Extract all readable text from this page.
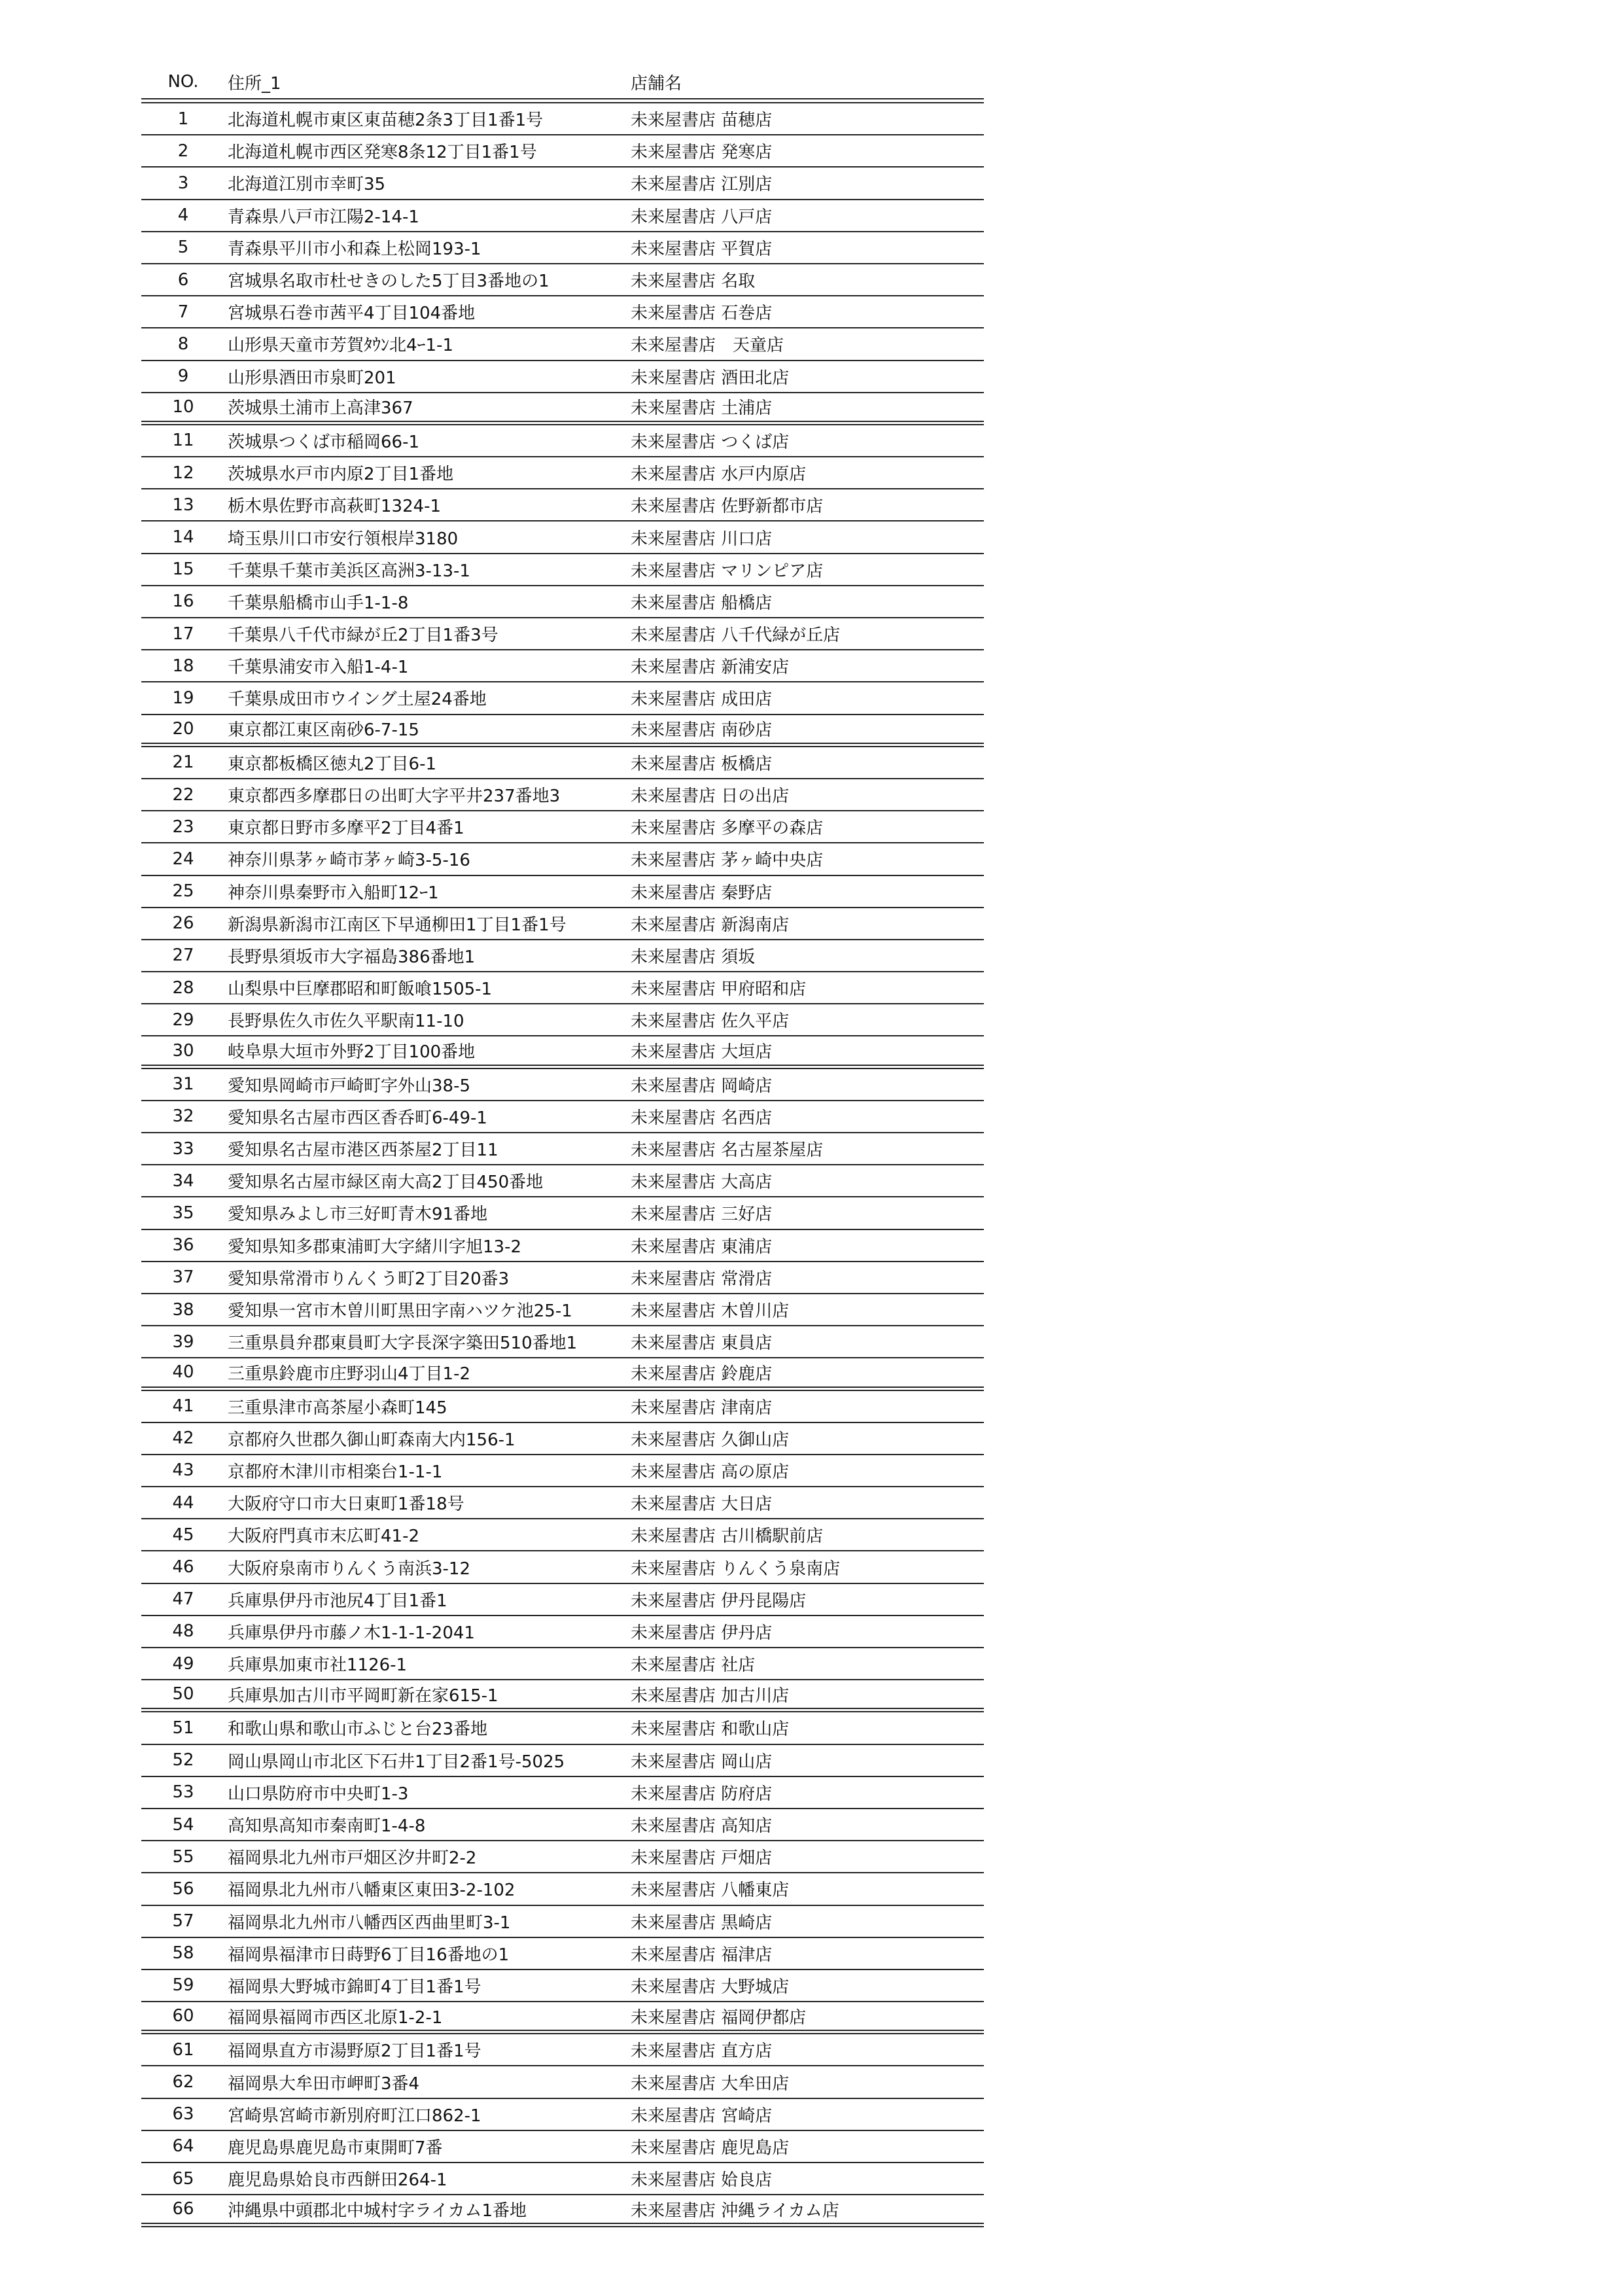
NO.	住所_1	店舗名
1	北海道札幌市東区東苗穂2条3丁目1番1号	未来屋書店 苗穂店
2	北海道札幌市西区発寒8条12丁目1番1号	未来屋書店 発寒店
3	北海道江別市幸町35	未来屋書店 江別店
4	青森県八戸市江陽2-14-1	未来屋書店 八戸店
5	青森県平川市小和森上松岡193-1	未来屋書店 平賀店
6	宮城県名取市杜せきのした5丁目3番地の1	未来屋書店 名取
7	宮城県石巻市茜平4丁目104番地	未来屋書店 石巻店
8	山形県天童市芳賀ﾀｳﾝ北4ｰ1-1	未来屋書店　天童店
9	山形県酒田市泉町201	未来屋書店 酒田北店
10	茨城県土浦市上高津367	未来屋書店 土浦店
11	茨城県つくば市稲岡66-1	未来屋書店 つくば店
12	茨城県水戸市内原2丁目1番地	未来屋書店 水戸内原店
13	栃木県佐野市高萩町1324-1	未来屋書店 佐野新都市店
14	埼玉県川口市安行領根岸3180	未来屋書店 川口店
15	千葉県千葉市美浜区高洲3-13-1	未来屋書店 マリンピア店
16	千葉県船橋市山手1-1-8	未来屋書店 船橋店
17	千葉県八千代市緑が丘2丁目1番3号	未来屋書店 八千代緑が丘店
18	千葉県浦安市入船1-4-1	未来屋書店 新浦安店
19	千葉県成田市ウイング土屋24番地	未来屋書店 成田店
20	東京都江東区南砂6-7-15	未来屋書店 南砂店
21	東京都板橋区徳丸2丁目6-1	未来屋書店 板橋店
22	東京都西多摩郡日の出町大字平井237番地3	未来屋書店 日の出店
23	東京都日野市多摩平2丁目4番1	未来屋書店 多摩平の森店
24	神奈川県茅ヶ崎市茅ヶ崎3-5-16	未来屋書店 茅ヶ崎中央店
25	神奈川県秦野市入船町12ｰ1	未来屋書店 秦野店
26	新潟県新潟市江南区下早通柳田1丁目1番1号	未来屋書店 新潟南店
27	長野県須坂市大字福島386番地1	未来屋書店 須坂
28	山梨県中巨摩郡昭和町飯喰1505-1	未来屋書店 甲府昭和店
29	長野県佐久市佐久平駅南11-10	未来屋書店 佐久平店
30	岐阜県大垣市外野2丁目100番地	未来屋書店 大垣店
31	愛知県岡崎市戸崎町字外山38-5	未来屋書店 岡崎店
32	愛知県名古屋市西区香呑町6-49-1	未来屋書店 名西店
33	愛知県名古屋市港区西茶屋2丁目11	未来屋書店 名古屋茶屋店
34	愛知県名古屋市緑区南大高2丁目450番地	未来屋書店 大高店
35	愛知県みよし市三好町青木91番地	未来屋書店 三好店
36	愛知県知多郡東浦町大字緒川字旭13-2	未来屋書店 東浦店
37	愛知県常滑市りんくう町2丁目20番3	未来屋書店 常滑店
38	愛知県一宮市木曽川町黒田字南ハツケ池25-1	未来屋書店 木曽川店
39	三重県員弁郡東員町大字長深字築田510番地1	未来屋書店 東員店
40	三重県鈴鹿市庄野羽山4丁目1-2	未来屋書店 鈴鹿店
41	三重県津市高茶屋小森町145	未来屋書店 津南店
42	京都府久世郡久御山町森南大内156-1	未来屋書店 久御山店
43	京都府木津川市相楽台1-1-1	未来屋書店 高の原店
44	大阪府守口市大日東町1番18号	未来屋書店 大日店
45	大阪府門真市末広町41-2	未来屋書店 古川橋駅前店
46	大阪府泉南市りんくう南浜3-12	未来屋書店 りんくう泉南店
47	兵庫県伊丹市池尻4丁目1番1	未来屋書店 伊丹昆陽店
48	兵庫県伊丹市藤ノ木1-1-1-2041	未来屋書店 伊丹店
49	兵庫県加東市社1126-1	未来屋書店 社店
50	兵庫県加古川市平岡町新在家615-1	未来屋書店 加古川店
51	和歌山県和歌山市ふじと台23番地	未来屋書店 和歌山店
52	岡山県岡山市北区下石井1丁目2番1号-5025	未来屋書店 岡山店
53	山口県防府市中央町1-3	未来屋書店 防府店
54	高知県高知市秦南町1-4-8	未来屋書店 高知店
55	福岡県北九州市戸畑区汐井町2-2	未来屋書店 戸畑店
56	福岡県北九州市八幡東区東田3-2-102	未来屋書店 八幡東店
57	福岡県北九州市八幡西区西曲里町3-1	未来屋書店 黒崎店
58	福岡県福津市日蒔野6丁目16番地の1	未来屋書店 福津店
59	福岡県大野城市錦町4丁目1番1号	未来屋書店 大野城店
60	福岡県福岡市西区北原1-2-1	未来屋書店 福岡伊都店
61	福岡県直方市湯野原2丁目1番1号	未来屋書店 直方店
62	福岡県大牟田市岬町3番4	未来屋書店 大牟田店
63	宮崎県宮崎市新別府町江口862-1	未来屋書店 宮崎店
64	鹿児島県鹿児島市東開町7番	未来屋書店 鹿児島店
65	鹿児島県姶良市西餅田264-1	未来屋書店 姶良店
66	沖縄県中頭郡北中城村字ライカム1番地	未来屋書店 沖縄ライカム店
